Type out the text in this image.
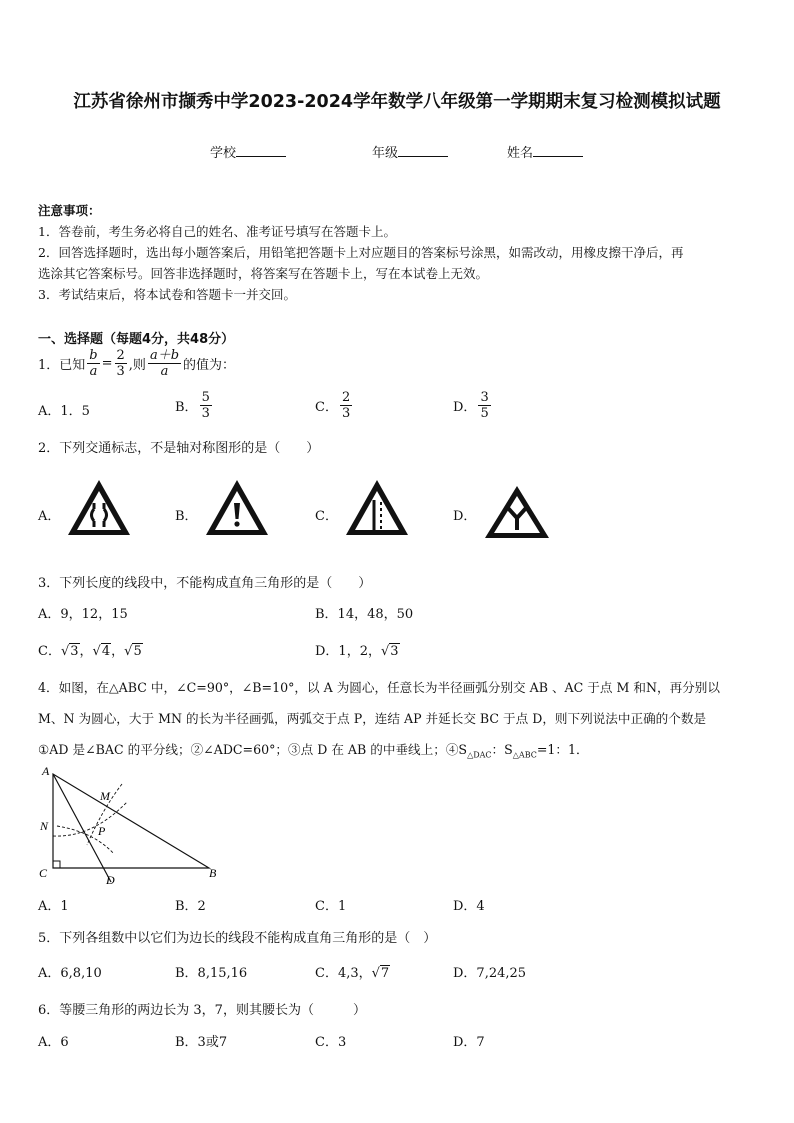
江苏省徐州市撷秀中学2023-2024学年数学八年级第一学期期末复习检测模拟试题
学校	年级	姓名
注意事项：
1．答卷前，考生务必将自己的姓名、准考证号填写在答题卡上。
2．回答选择题时，选出每小题答案后，用铅笔把答题卡上对应题目的答案标号涂黑，如需改动，用橡皮擦干净后，再
选涂其它答案标号。回答非选择题时，将答案写在答题卡上，写在本试卷上无效。
3．考试结束后，将本试卷和答题卡一并交回。
一、选择题（每题4分，共48分）
1．已知 $\frac{b}{a} = \frac{2}{3}$ ,则 $\frac{a+b}{a}$ 的值为：
A．1．5	B． $\frac{5}{3}$	C． $\frac{2}{3}$	D． $\frac{3}{5}$
2．下列交通标志，不是轴对称图形的是（　　）
A．	B．	C．	D．
3．下列长度的线段中，不能构成直角三角形的是（　　）
A．9，12，15	B．14，48，50
C．√3，√4，√5	D．1，2，√3
4．如图，在△ABC 中，∠C=90°，∠B=10°，以 A 为圆心，任意长为半径画弧分别交 AB 、AC 于点 M 和N，再分别以
M、N 为圆心，大于 MN 的长为半径画弧，两弧交于点 P，连结 AP 并延长交 BC 于点 D，则下列说法中正确的个数是
①AD 是∠BAC 的平分线；②∠ADC=60°；③点 D 在 AB 的中垂线上；$④S_{\triangle DAC}$：$S_{\triangle ABC}=1$：1．
A
M
N	P
C	D	B
A．1	B．2	C．1	D．4
5．下列各组数中以它们为边长的线段不能构成直角三角形的是（　）
A．6,8,10	B．8,15,16	C．4,3，√7	D．7,24,25
6．等腰三角形的两边长为 3，7，则其腰长为（　　　）
A．6	B．3或7	C．3	D．7
